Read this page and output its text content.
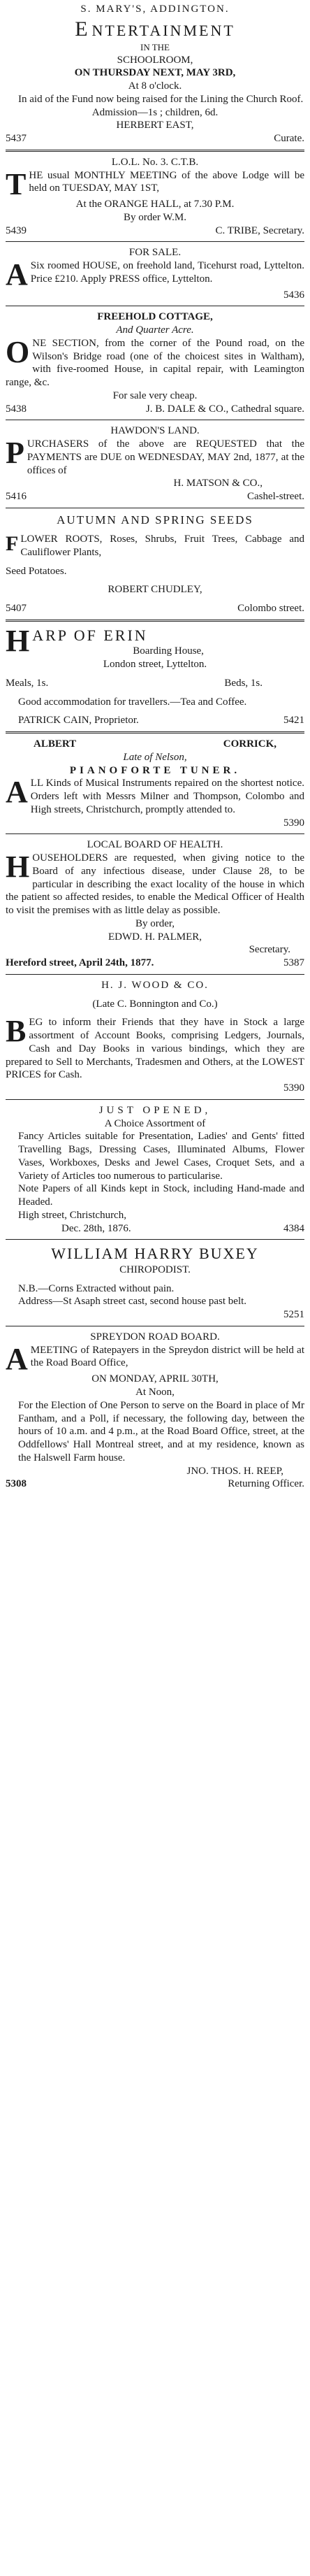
S. MARY'S, ADDINGTON.
ENTERTAINMENT
IN THE
SCHOOLROOM,
ON THURSDAY NEXT, MAY 3RD,
At 8 o'clock.
In aid of the Fund now being raised for the Lining the Church Roof.
Admission—1s ; children, 6d.
HERBERT EAST,
5437	Curate.
L.O.L. No. 3. C.T.B.
THE usual MONTHLY MEETING of the above Lodge will be held on TUESDAY, MAY 1ST,
At the ORANGE HALL, at 7.30 P.M.
By order W.M.
5439	C. TRIBE, Secretary.
FOR SALE.
A Six roomed HOUSE, on freehold land, Ticehurst road, Lyttelton. Price £210. Apply PRESS office, Lyttelton.
5436
FREEHOLD COTTAGE,
And Quarter Acre.
ONE SECTION, from the corner of the Pound road, on the Wilson's Bridge road (one of the choicest sites in Waltham), with five-roomed House, in capital repair, with Leamington range, &c.
For sale very cheap.
5438	J. B. DALE & CO., Cathedral square.
HAWDON'S LAND.
PURCHASERS of the above are REQUESTED that the PAYMENTS are DUE on WEDNESDAY, MAY 2nd, 1877, at the offices of
H. MATSON & CO.,
5416	Cashel-street.
AUTUMN AND SPRING SEEDS
FLOWER ROOTS, Roses, Shrubs, Fruit Trees, Cabbage and Cauliflower Plants,
Seed Potatoes.
ROBERT CHUDLEY,
5407	Colombo street.
HARP OF ERIN
Boarding House,
London street, Lyttelton.
Meals, 1s.	Beds, 1s.
Good accommodation for travellers.—Tea and Coffee.
PATRICK CAIN, Proprietor.	5421
ALBERT	CORRICK,
Late of Nelson,
PIANOFORTE TUNER.
ALL Kinds of Musical Instruments repaired on the shortest notice. Orders left with Messrs Milner and Thompson, Colombo and High streets, Christchurch, promptly attended to.
5390
LOCAL BOARD OF HEALTH.
HOUSEHOLDERS are requested, when giving notice to the Board of any infectious disease, under Clause 28, to be particular in describing the exact locality of the house in which the patient so affected resides, to enable the Medical Officer of Health to visit the premises with as little delay as possible.
By order,
EDWD. H. PALMER,
Secretary.
Hereford street, April 24th, 1877.	5387
H. J. WOOD & CO.
(Late C. Bonnington and Co.)
BEG to inform their Friends that they have in Stock a large assortment of Account Books, comprising Ledgers, Journals, Cash and Day Books in various bindings, which they are prepared to Sell to Merchants, Tradesmen and Others, at the LOWEST PRICES for Cash.
5390
JUST OPENED,
A Choice Assortment of
Fancy Articles suitable for Presentation, Ladies' and Gents' fitted Travelling Bags, Dressing Cases, Illuminated Albums, Flower Vases, Workboxes, Desks and Jewel Cases, Croquet Sets, and a Variety of Articles too numerous to particularise.
Note Papers of all Kinds kept in Stock, including Hand-made and Headed.
High street, Christchurch,
Dec. 28th, 1876.	4384
WILLIAM HARRY BUXEY
CHIROPODIST.
N.B.—Corns Extracted without pain.
Address—St Asaph street cast, second house past belt.
5251
SPREYDON ROAD BOARD.
AMEETING of Ratepayers in the Spreydon district will be held at the Road Board Office,
ON MONDAY, APRIL 30TH,
At Noon,
For the Election of One Person to serve on the Board in place of Mr Fantham, and a Poll, if necessary, the following day, between the hours of 10 a.m. and 4 p.m., at the Road Board Office, street, at the Oddfellows' Hall Montreal street, and at my residence, known as the Halswell Farm house.
JNO. THOS. H. REEP,
5308	Returning Officer.
